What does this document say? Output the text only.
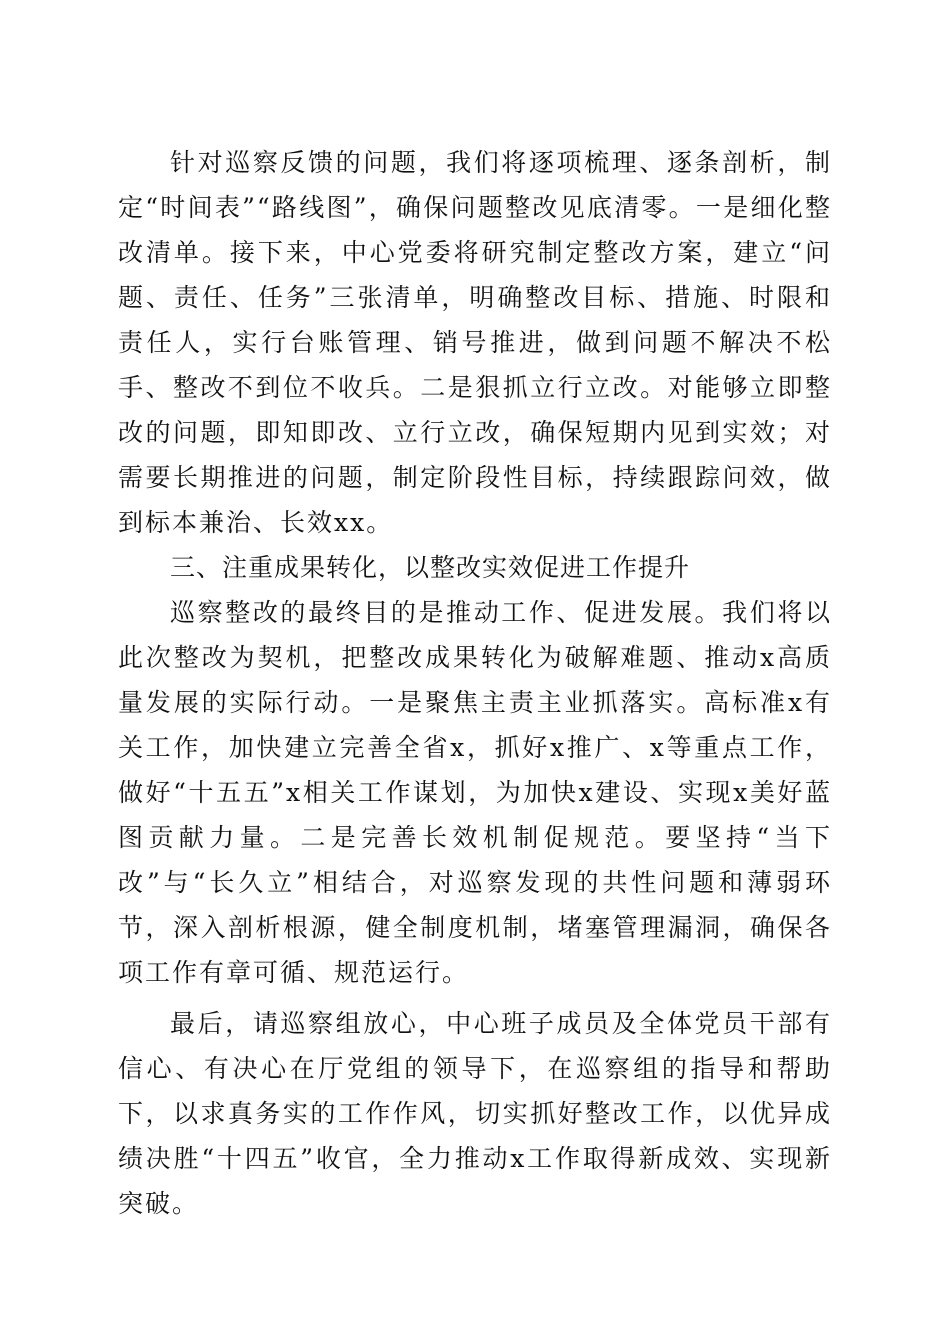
针对巡察反馈的问题，我们将逐项梳理、逐条剖析，制定“时间表”“路线图”，确保问题整改见底清零。一是细化整改清单。接下来，中心党委将研究制定整改方案，建立“问题、责任、任务”三张清单，明确整改目标、措施、时限和责任人，实行台账管理、销号推进，做到问题不解决不松手、整改不到位不收兵。二是狠抓立行立改。对能够立即整改的问题，即知即改、立行立改，确保短期内见到实效；对需要长期推进的问题，制定阶段性目标，持续跟踪问效，做到标本兼治、长效xx。

三、注重成果转化，以整改实效促进工作提升

巡察整改的最终目的是推动工作、促进发展。我们将以此次整改为契机，把整改成果转化为破解难题、推动x高质量发展的实际行动。一是聚焦主责主业抓落实。高标准x有关工作，加快建立完善全省x，抓好x推广、x等重点工作，做好“十五五”x相关工作谋划，为加快x建设、实现x美好蓝图贡献力量。二是完善长效机制促规范。要坚持“当下改”与“长久立”相结合，对巡察发现的共性问题和薄弱环节，深入剖析根源，健全制度机制，堵塞管理漏洞，确保各项工作有章可循、规范运行。

最后，请巡察组放心，中心班子成员及全体党员干部有信心、有决心在厅党组的领导下，在巡察组的指导和帮助下，以求真务实的工作作风，切实抓好整改工作，以优异成绩决胜“十四五”收官，全力推动x工作取得新成效、实现新突破。
